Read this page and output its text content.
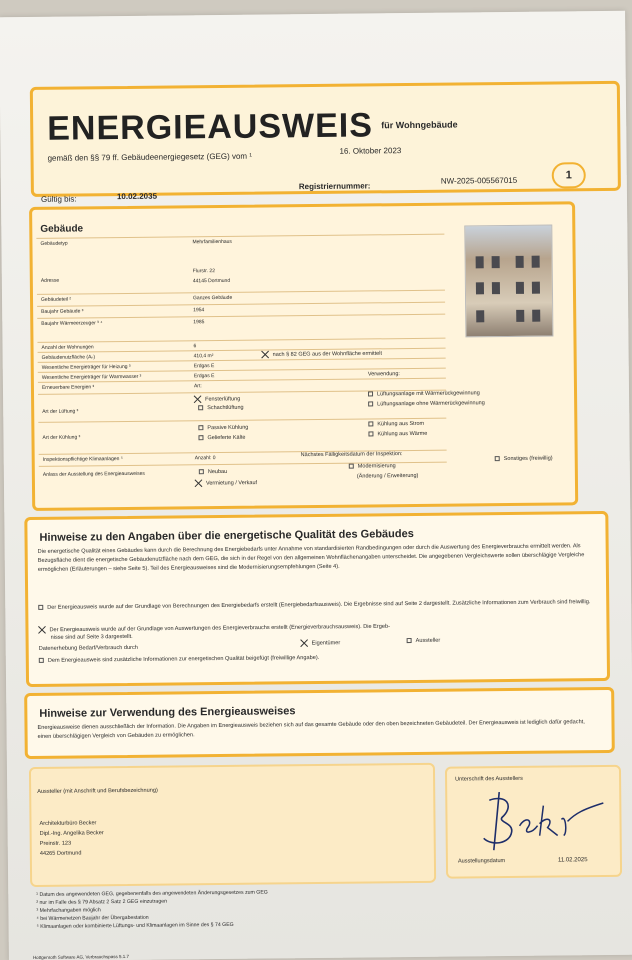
ENERGIEAUSWEIS für Wohngebäude
gemäß den §§ 79 ff. Gebäudeenergiegesetz (GEG) vom ¹
16. Oktober 2023
1
Gültig bis:	10.02.2035
Registriernummer:
NW-2025-005567015
Gebäude
Gebäudetyp	Mehrfamilienhaus
Adresse
Flurstr. 22
44145 Dortmund
Gebäudeteil ²	Ganzes Gebäude
Baujahr Gebäude ³	1954
Baujahr Wärmeerzeuger ³ ⁴	1985
Anzahl der Wohnungen	6
Gebäudenutzfläche (Aₙ)	410,4 m²	nach § 82 GEG aus der Wohnfläche ermittelt
Wesentliche Energieträger für Heizung ³	Erdgas E
Wesentliche Energieträger für Warmwasser ³	Erdgas E	Verwendung:
Erneuerbare Energien ³	Art:
Art der Lüftung ³
Fensterlüftung
Schachtlüftung
Lüftungsanlage mit Wärmerückgewinnung
Lüftungsanlage ohne Wärmerückgewinnung
Art der Kühlung ³
Passive Kühlung
Gelieferte Kälte
Kühlung aus Strom
Kühlung aus Wärme
Inspektionspflichtige Klimaanlagen ⁵	Anzahl: 0
Nächstes Fälligkeitsdatum der Inspektion:
Anlass der Ausstellung des Energieausweises	Neubau
Vermietung / Verkauf
Modernisierung
(Änderung / Erweiterung)
Sonstiges (freiwillig)
Hinweise zu den Angaben über die energetische Qualität des Gebäudes
Die energetische Qualität eines Gebäudes kann durch die Berechnung des Energiebedarfs unter Annahme von standardisierten Randbedingungen oder durch die Auswertung des Energieverbrauchs ermittelt werden. Als Bezugsfläche dient die energetische Gebäudenutzfläche nach dem GEG, die sich in der Regel von den allgemeinen Wohnflächenangaben unterscheidet. Die angegebenen Vergleichswerte sollen überschlägige Vergleiche ermöglichen (Erläuterungen – siehe Seite 5). Teil des Energieausweises sind die Modernisierungsempfehlungen (Seite 4).
Der Energieausweis wurde auf der Grundlage von Berechnungen des Energiebedarfs erstellt (Energiebedarfsausweis). Die Ergebnisse sind auf Seite 2 dargestellt. Zusätzliche Informationen zum Verbrauch sind freiwillig.
Der Energieausweis wurde auf der Grundlage von Auswertungen des Energieverbrauchs erstellt (Energieverbrauchsausweis). Die Ergeb-
nisse sind auf Seite 3 dargestellt.
Datenerhebung Bedarf/Verbrauch durch
Eigentümer	Aussteller
Dem Energieausweis sind zusätzliche Informationen zur energetischen Qualität beigefügt (freiwillige Angabe).
Hinweise zur Verwendung des Energieausweises
Energieausweise dienen ausschließlich der Information. Die Angaben im Energieausweis beziehen sich auf das gesamte Gebäude oder den oben bezeichneten Gebäudeteil. Der Energieausweis ist lediglich dafür gedacht, einen überschlägigen Vergleich von Gebäuden zu ermöglichen.
Aussteller (mit Anschrift und Berufsbezeichnung)
Architekturbüro Becker
Dipl.-Ing. Angelika Becker
Preinstr. 123
44265 Dortmund
Unterschrift des Ausstellers
Ausstellungsdatum	11.02.2025
¹ Datum des angewendeten GEG, gegebenenfalls des angewendeten Änderungsgesetzes zum GEG
² nur im Falle des § 79 Absatz 2 Satz 2 GEG einzutragen
³ Mehrfachangaben möglich
⁴ bei Wärmenetzen Baujahr der Übergabestation
⁵ Klimaanlagen oder kombinierte Lüftungs- und Klimaanlagen im Sinne des § 74 GEG
Hottgenroth Software AG, Verbrauchspass 5.1.7
